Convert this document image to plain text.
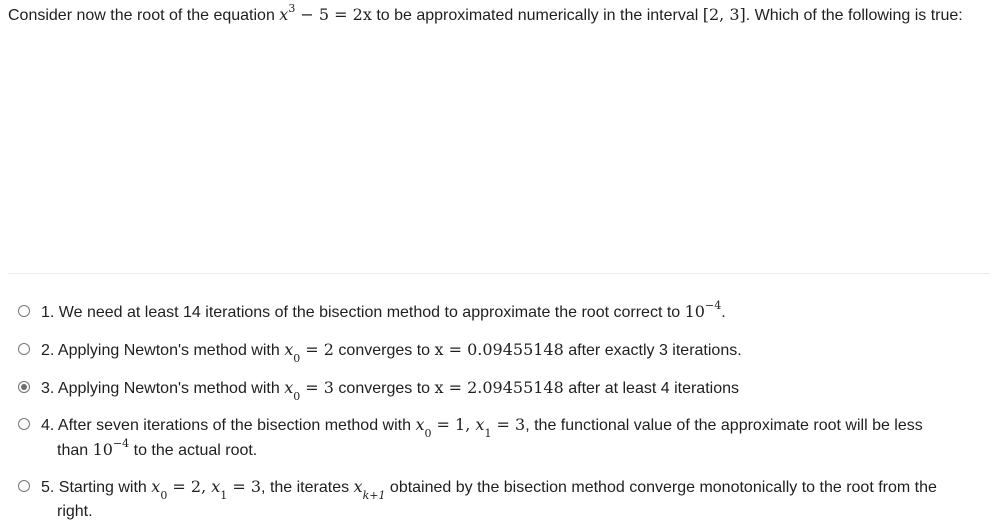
Consider now the root of the equation $x^3 - 5 = 2x$ to be approximated numerically in the interval [2, 3]. Which of the following is true:
1. We need at least 14 iterations of the bisection method to approximate the root correct to $10^{-4}$.
2. Applying Newton's method with $x_0 = 2$ converges to x = 0.09455148 after exactly 3 iterations.
3. Applying Newton's method with $x_0 = 3$ converges to x = 2.09455148 after at least 4 iterations
4. After seven iterations of the bisection method with $x_0 = 1$, $x_1 = 3$, the functional value of the approximate root will be less
than $10^{-4}$ to the actual root.
5. Starting with $x_0 = 2$, $x_1 = 3$, the iterates $x_{k+1}$ obtained by the bisection method converge monotonically to the root from the
right.
